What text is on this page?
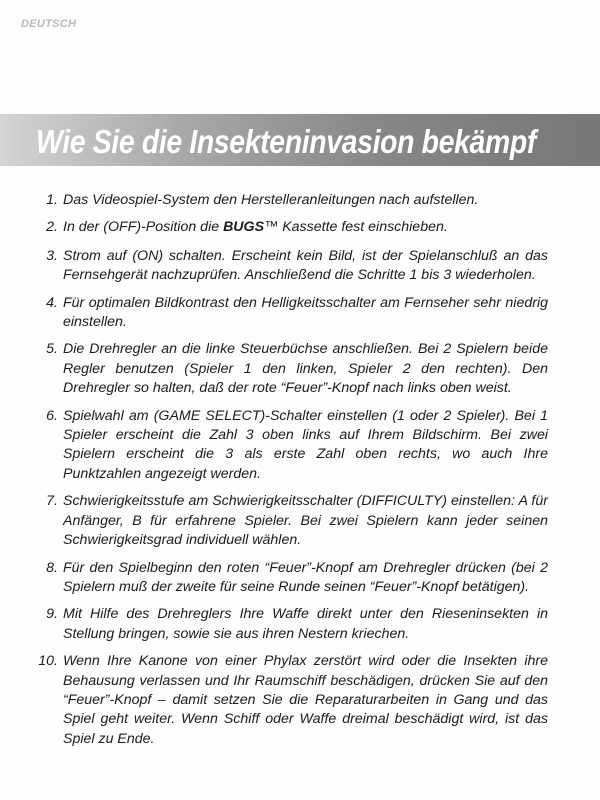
DEUTSCH
Wie Sie die Insekteninvasion bekämpf
1. Das Videospiel-System den Herstelleranleitungen nach aufstellen.
2. In der (OFF)-Position die BUGS™ Kassette fest einschieben.
3. Strom auf (ON) schalten. Erscheint kein Bild, ist der Spielanschluß an das Fernsehgerät nachzuprüfen. Anschließend die Schritte 1 bis 3 wiederholen.
4. Für optimalen Bildkontrast den Helligkeitsschalter am Fernseher sehr niedrig einstellen.
5. Die Drehregler an die linke Steuerbüchse anschließen. Bei 2 Spielern beide Regler benutzen (Spieler 1 den linken, Spieler 2 den rechten). Den Drehregler so halten, daß der rote “Feuer”-Knopf nach links oben weist.
6. Spielwahl am (GAME SELECT)-Schalter einstellen (1 oder 2 Spieler). Bei 1 Spieler erscheint die Zahl 3 oben links auf Ihrem Bildschirm. Bei zwei Spielern erscheint die 3 als erste Zahl oben rechts, wo auch Ihre Punktzahlen angezeigt werden.
7. Schwierigkeitsstufe am Schwierigkeitsschalter (DIFFICULTY) einstellen: A für Anfänger, B für erfahrene Spieler. Bei zwei Spielern kann jeder seinen Schwierigkeitsgrad individuell wählen.
8. Für den Spielbeginn den roten “Feuer”-Knopf am Drehregler drücken (bei 2 Spielern muß der zweite für seine Runde seinen “Feuer”-Knopf betätigen).
9. Mit Hilfe des Drehreglers Ihre Waffe direkt unter den Rieseninsekten in Stellung bringen, sowie sie aus ihren Nestern kriechen.
10. Wenn Ihre Kanone von einer Phylax zerstört wird oder die Insekten ihre Behausung verlassen und Ihr Raumschiff beschädigen, drücken Sie auf den “Feuer”-Knopf – damit setzen Sie die Reparaturarbeiten in Gang und das Spiel geht weiter. Wenn Schiff oder Waffe dreimal beschädigt wird, ist das Spiel zu Ende.
